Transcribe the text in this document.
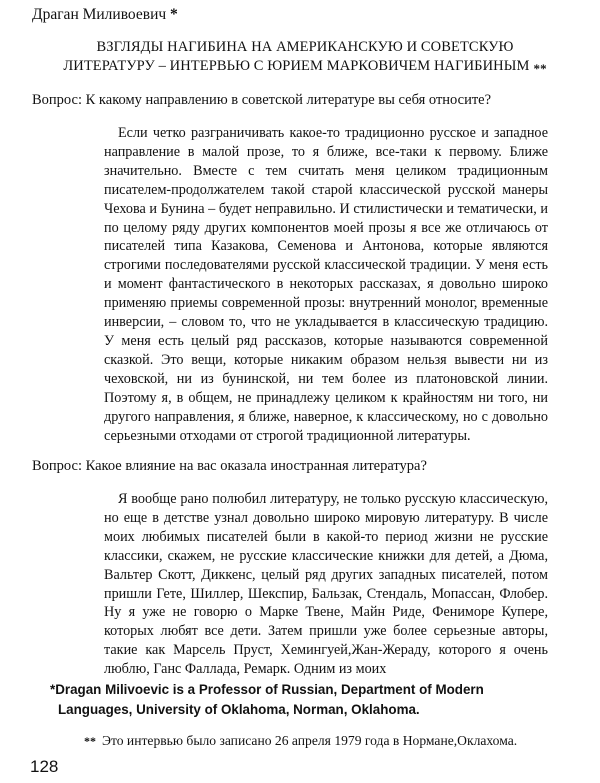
Драган Миливоевич *
ВЗГЛЯДЫ НАГИБИНА НА АМЕРИКАНСКУЮ И СОВЕТСКУЮ
ЛИТЕРАТУРУ – ИНТЕРВЬЮ С ЮРИЕМ МАРКОВИЧЕМ НАГИБИНЫМ **
Вопрос: К какому направлению в советской литературе вы себя относите?

Если четко разграничивать какое-то традиционно русское и западное направление в малой прозе, то я ближе, все-таки к первому. Ближе значительно. Вместе с тем считать меня целиком традиционным писателем-продолжателем такой старой классической русской манеры Чехова и Бунина – будет неправильно. И стилистически и тематически, и по целому ряду других компонентов моей прозы я все же отличаюсь от писателей типа Казакова, Семенова и Антонова, которые являются строгими последователями русской классической традиции. У меня есть и момент фантастического в некоторых рассказах, я довольно широко применяю приемы современной прозы: внутренний монолог, временные инверсии, – словом то, что не укладывается в классическую традицию. У меня есть целый ряд рассказов, которые называются современной сказкой. Это вещи, которые никаким образом нельзя вывести ни из чеховской, ни из бунинской, ни тем более из платоновской линии. Поэтому я, в общем, не принадлежу целиком к крайностям ни того, ни другого направления, я ближе, наверное, к классическому, но с довольно серьезными отходами от строгой традиционной литературы.

Вопрос: Какое влияние на вас оказала иностранная литература?

Я вообще рано полюбил литературу, не только русскую классическую, но еще в детстве узнал довольно широко мировую литературу. В числе моих любимых писателей были в какой-то период жизни не русские классики, скажем, не русские классические книжки для детей, а Дюма, Вальтер Скотт, Диккенс, целый ряд других западных писателей, потом пришли Гете, Шиллер, Шекспир, Бальзак, Стендаль, Мопассан, Флобер. Ну я уже не говорю о Марке Твене, Майн Риде, Фениморе Купере, которых любят все дети. Затем пришли уже более серьезные авторы, такие как Марсель Пруст, Хемингуей,Жан-Жераду, которого я очень люблю, Ганс Фаллада, Ремарк. Одним из моих

*Dragan Milivoevic is a Professor of Russian, Department of Modern Languages, University of Oklahoma, Norman, Oklahoma.
** Это интервью было записано 26 апреля 1979 года в Нормане,Оклахома.
128
